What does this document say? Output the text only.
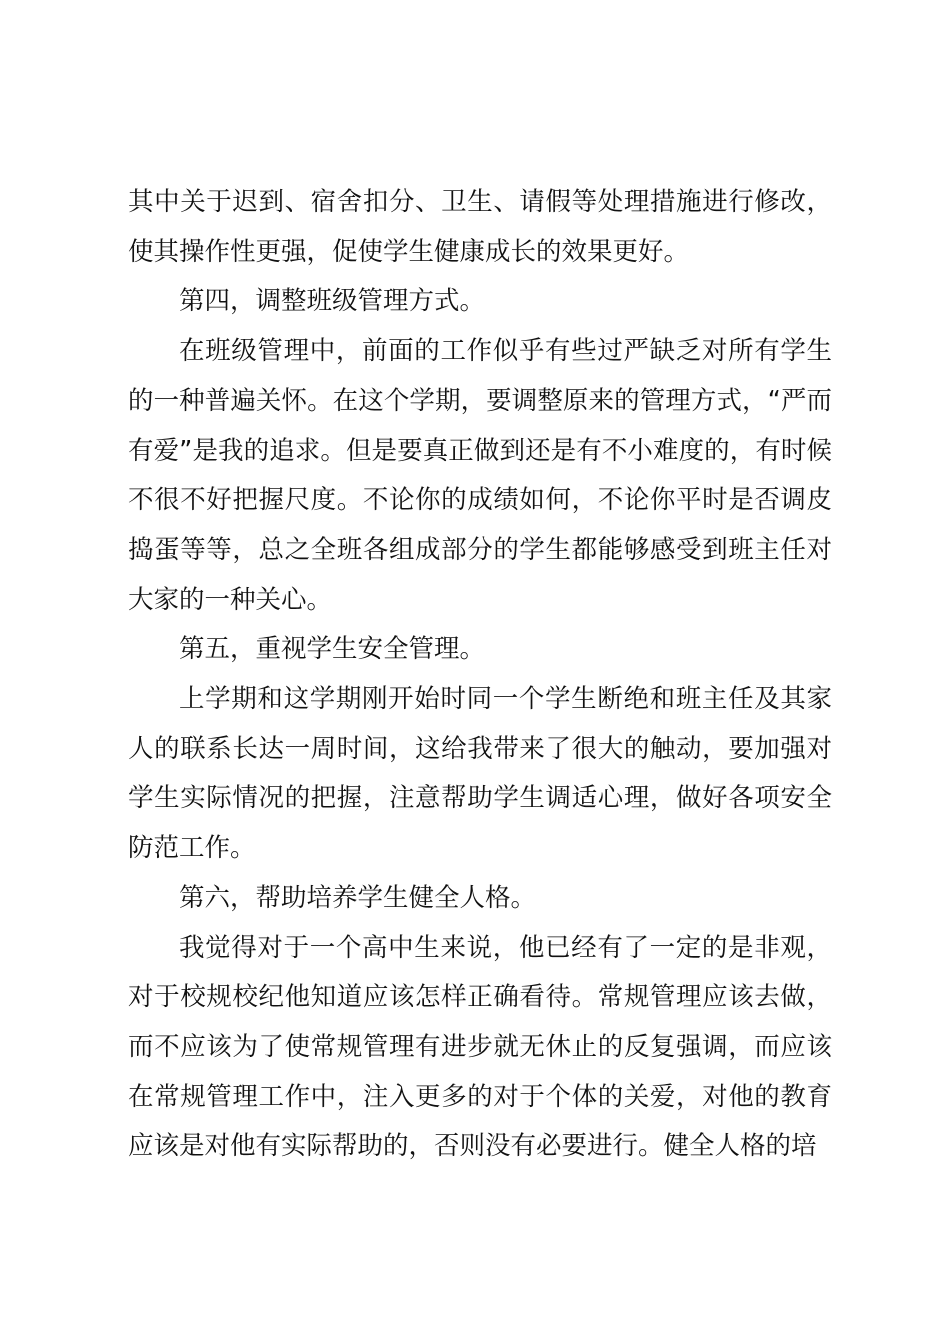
其中关于迟到、宿舍扣分、卫生、请假等处理措施进行修改，使其操作性更强，促使学生健康成长的效果更好。

第四，调整班级管理方式。

在班级管理中，前面的工作似乎有些过严缺乏对所有学生的一种普遍关怀。在这个学期，要调整原来的管理方式，“严而有爱”是我的追求。但是要真正做到还是有不小难度的，有时候不很不好把握尺度。不论你的成绩如何，不论你平时是否调皮捣蛋等等，总之全班各组成部分的学生都能够感受到班主任对大家的一种关心。

第五，重视学生安全管理。

上学期和这学期刚开始时同一个学生断绝和班主任及其家人的联系长达一周时间，这给我带来了很大的触动，要加强对学生实际情况的把握，注意帮助学生调适心理，做好各项安全防范工作。

第六，帮助培养学生健全人格。

我觉得对于一个高中生来说，他已经有了一定的是非观，对于校规校纪他知道应该怎样正确看待。常规管理应该去做，而不应该为了使常规管理有进步就无休止的反复强调，而应该在常规管理工作中，注入更多的对于个体的关爱，对他的教育应该是对他有实际帮助的，否则没有必要进行。健全人格的培
